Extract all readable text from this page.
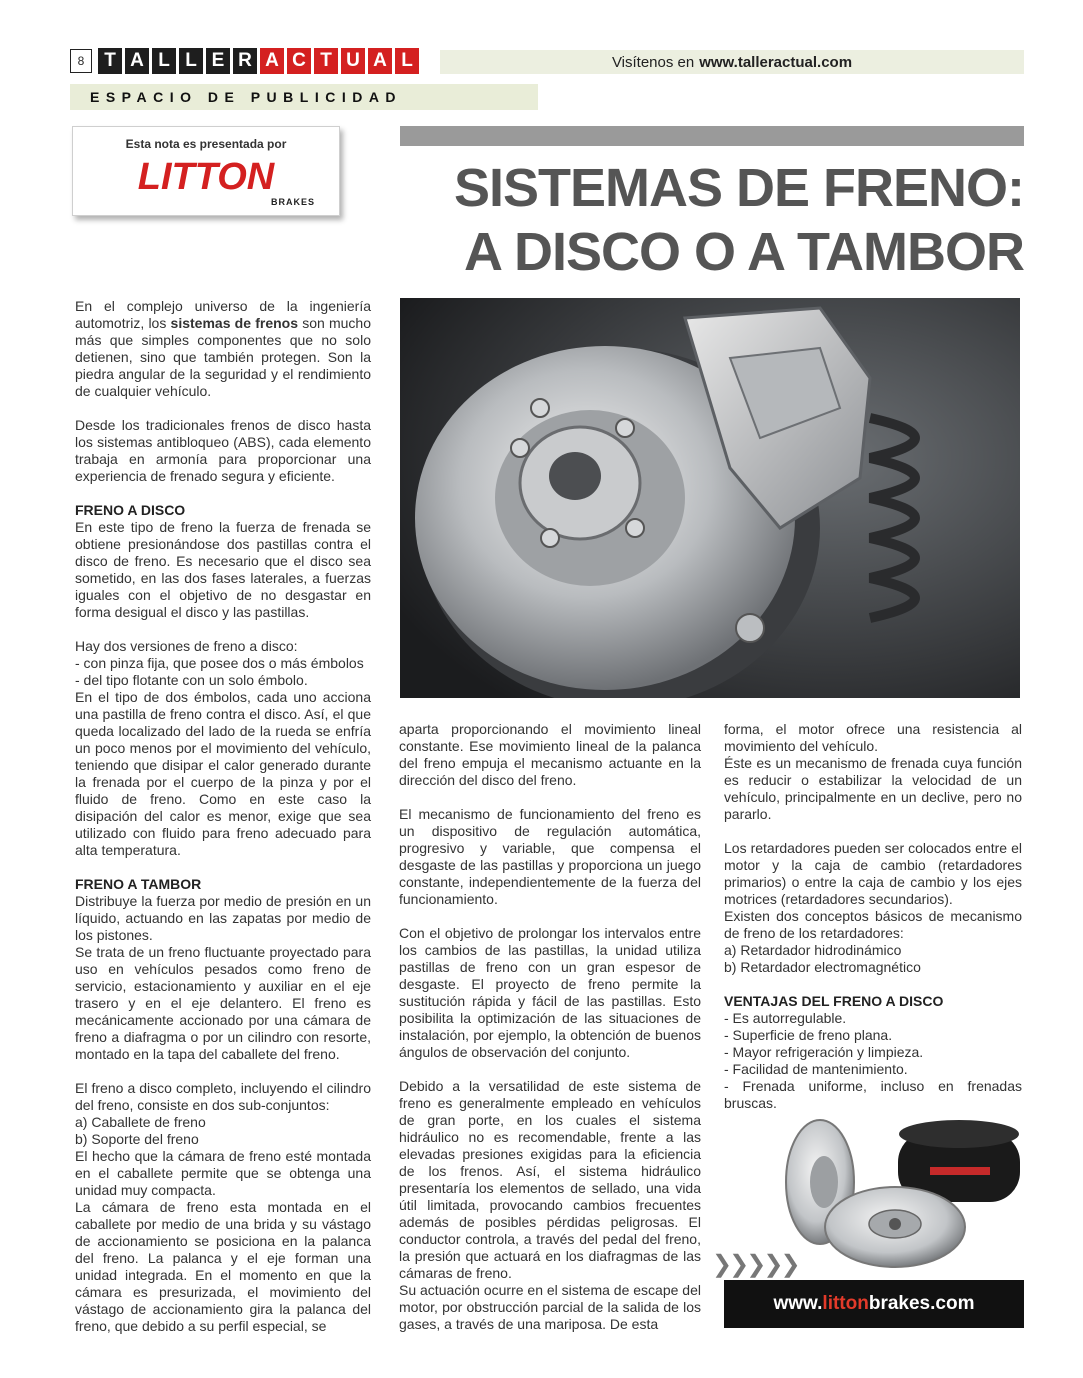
8	T A L L E R A C T U A L	Visítenos en www.talleractual.com
ESPACIO DE PUBLICIDAD
Esta nota es presentada por
LITTON
BRAKES	SISTEMAS DE FRENO:
A DISCO O A TAMBOR

En el complejo universo de la ingeniería automotriz, los sistemas de frenos son mucho más que simples componentes que no solo detienen, sino que también protegen. Son la piedra angular de la seguridad y el rendimiento de cualquier vehículo.

Desde los tradicionales frenos de disco hasta los sistemas antibloqueo (ABS), cada elemento trabaja en armonía para proporcionar una experiencia de frenado segura y eficiente.

FRENO A DISCO

En este tipo de freno la fuerza de frenada se obtiene presionándose dos pastillas contra el disco de freno. Es necesario que el disco sea sometido, en las dos fases laterales, a fuerzas iguales con el objetivo de no desgastar en forma desigual el disco y las pastillas.

Hay dos versiones de freno a disco:
- con pinza fija, que posee dos o más émbolos
- del tipo flotante con un solo émbolo.

En el tipo de dos émbolos, cada uno acciona una pastilla de freno contra el disco. Así, el que queda localizado del lado de la rueda se enfría un poco menos por el movimiento del vehículo, teniendo que disipar el calor generado durante la frenada por el cuerpo de la pinza y por el fluido de freno. Como en este caso la disipación del calor es menor, exige que sea utilizado con fluido para freno adecuado para alta temperatura.

FRENO A TAMBOR
Distribuye la fuerza por medio de presión en un líquido, actuando en las zapatas por medio de los pistones.

Se trata de un freno fluctuante proyectado para uso en vehículos pesados como freno de servicio, estacionamiento y auxiliar en el eje trasero y en el eje delantero. El freno es mecánicamente accionado por una cámara de freno a diafragma o por un cilindro con resorte, montado en la tapa del caballete del freno.

El freno a disco completo, incluyendo el cilindro del freno, consiste en dos sub-conjuntos:
a) Caballete de freno
b) Soporte del freno
El hecho que la cámara de freno esté montada en el caballete permite que se obtenga una unidad muy compacta.
La cámara de freno esta montada en el caballete por medio de una brida y su vástago de accionamiento se posiciona en la palanca del freno. La palanca y el eje forman una unidad integrada. En el momento en que la cámara es presurizada, el movimiento del vástago de accionamiento gira la palanca del freno, que debido a su perfil especial, se

aparta proporcionando el movimiento lineal constante. Ese movimiento lineal de la palanca del freno empuja el mecanismo actuante en la dirección del disco del freno.

El mecanismo de funcionamiento del freno es un dispositivo de regulación automática, progresivo y variable, que compensa el desgaste de las pastillas y proporciona un juego constante, independientemente de la fuerza del funcionamiento.

Con el objetivo de prolongar los intervalos entre los cambios de las pastillas, la unidad utiliza pastillas de freno con un gran espesor de desgaste. El proyecto de freno permite la sustitución rápida y fácil de las pastillas. Esto posibilita la optimización de las situaciones de instalación, por ejemplo, la obtención de buenos ángulos de observación del conjunto.

Debido a la versatilidad de este sistema de freno es generalmente empleado en vehículos de gran porte, en los cuales el sistema hidráulico no es recomendable, frente a las elevadas presiones exigidas para la eficiencia de los frenos. Así, el sistema hidráulico presentaría los elementos de sellado, una vida útil limitada, provocando cambios frecuentes además de posibles pérdidas peligrosas. El conductor controla, a través del pedal del freno, la presión que actuará en los diafragmas de las cámaras de freno.
Su actuación ocurre en el sistema de escape del motor, por obstrucción parcial de la salida de los gases, a través de una mariposa. De esta
forma, el motor ofrece una resistencia al movimiento del vehículo.

Éste es un mecanismo de frenada cuya función es reducir o estabilizar la velocidad de un vehículo, principalmente en un declive, pero no pararlo.

Los retardadores pueden ser colocados entre el motor y la caja de cambio (retardadores primarios) o entre la caja de cambio y los ejes motrices (retardadores secundarios).
Existen dos conceptos básicos de mecanismo de freno de los retardadores:
a) Retardador hidrodinámico

b) Retardador electromagnético

VENTAJAS DEL FRENO A DISCO
- Es autorregulable.
- Superficie de freno plana.
- Mayor refrigeración y limpieza.
- Facilidad de mantenimiento.
- Frenada uniforme, incluso en frenadas bruscas.
❯❯❯❯❯
www. litton brakes.com
